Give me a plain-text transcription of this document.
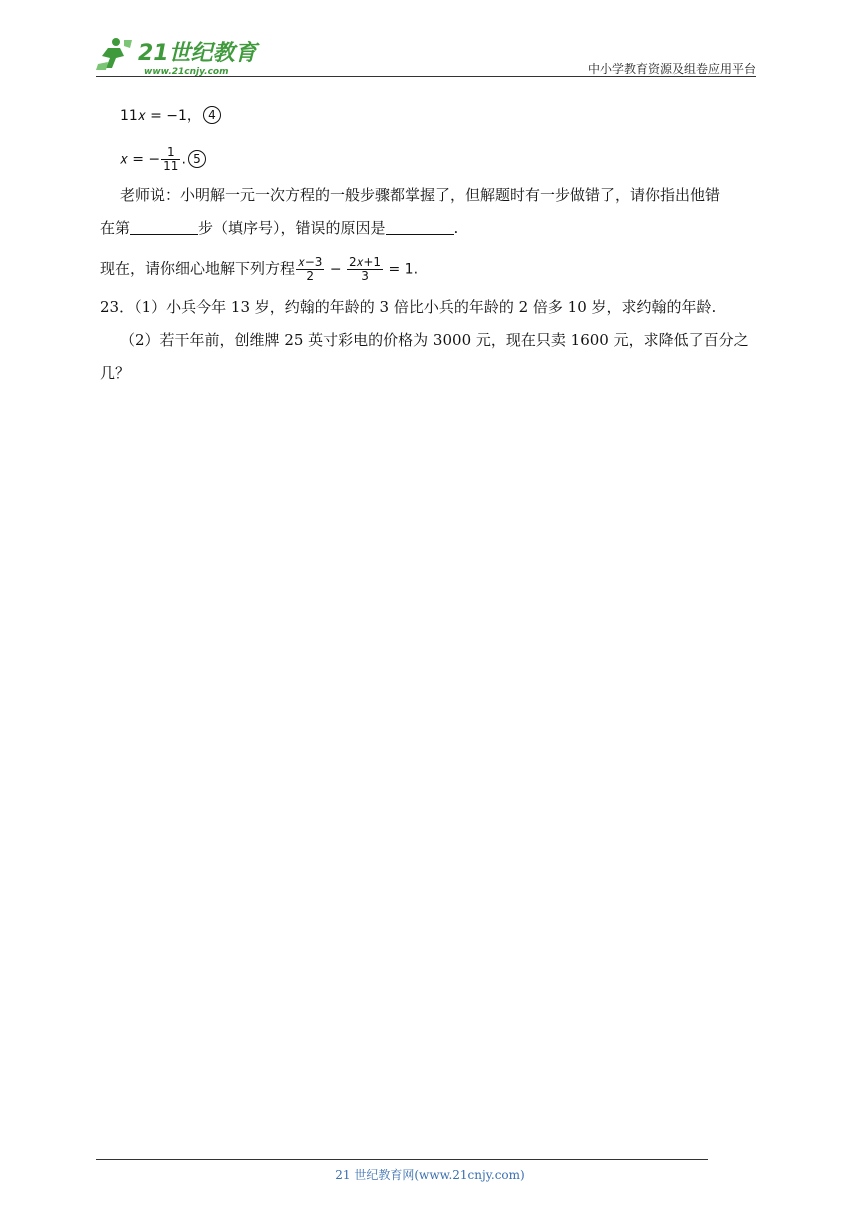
21世纪教育
www.21cnjy.com	中小学教育资源及组卷应用平台
11𝑥 = −1， 4
𝑥 = − $\frac{1}{11}$ . 5
老师说：小明解一元一次方程的一般步骤都掌握了，但解题时有一步做错了，请你指出他错
在第	步（填序号），错误的原因是	.
现在，请你细心地解下列方程 $\frac{\text{𝑥−3}}{2} - \frac{\text{2𝑥+1}}{3} = 1$.
23．（1）小兵今年 13 岁，约翰的年龄的 3 倍比小兵的年龄的 2 倍多 10 岁，求约翰的年龄.
（2）若干年前，创维牌 25 英寸彩电的价格为 3000 元，现在只卖 1600 元，求降低了百分之
几？
21 世纪教育网(www.21cnjy.com)
